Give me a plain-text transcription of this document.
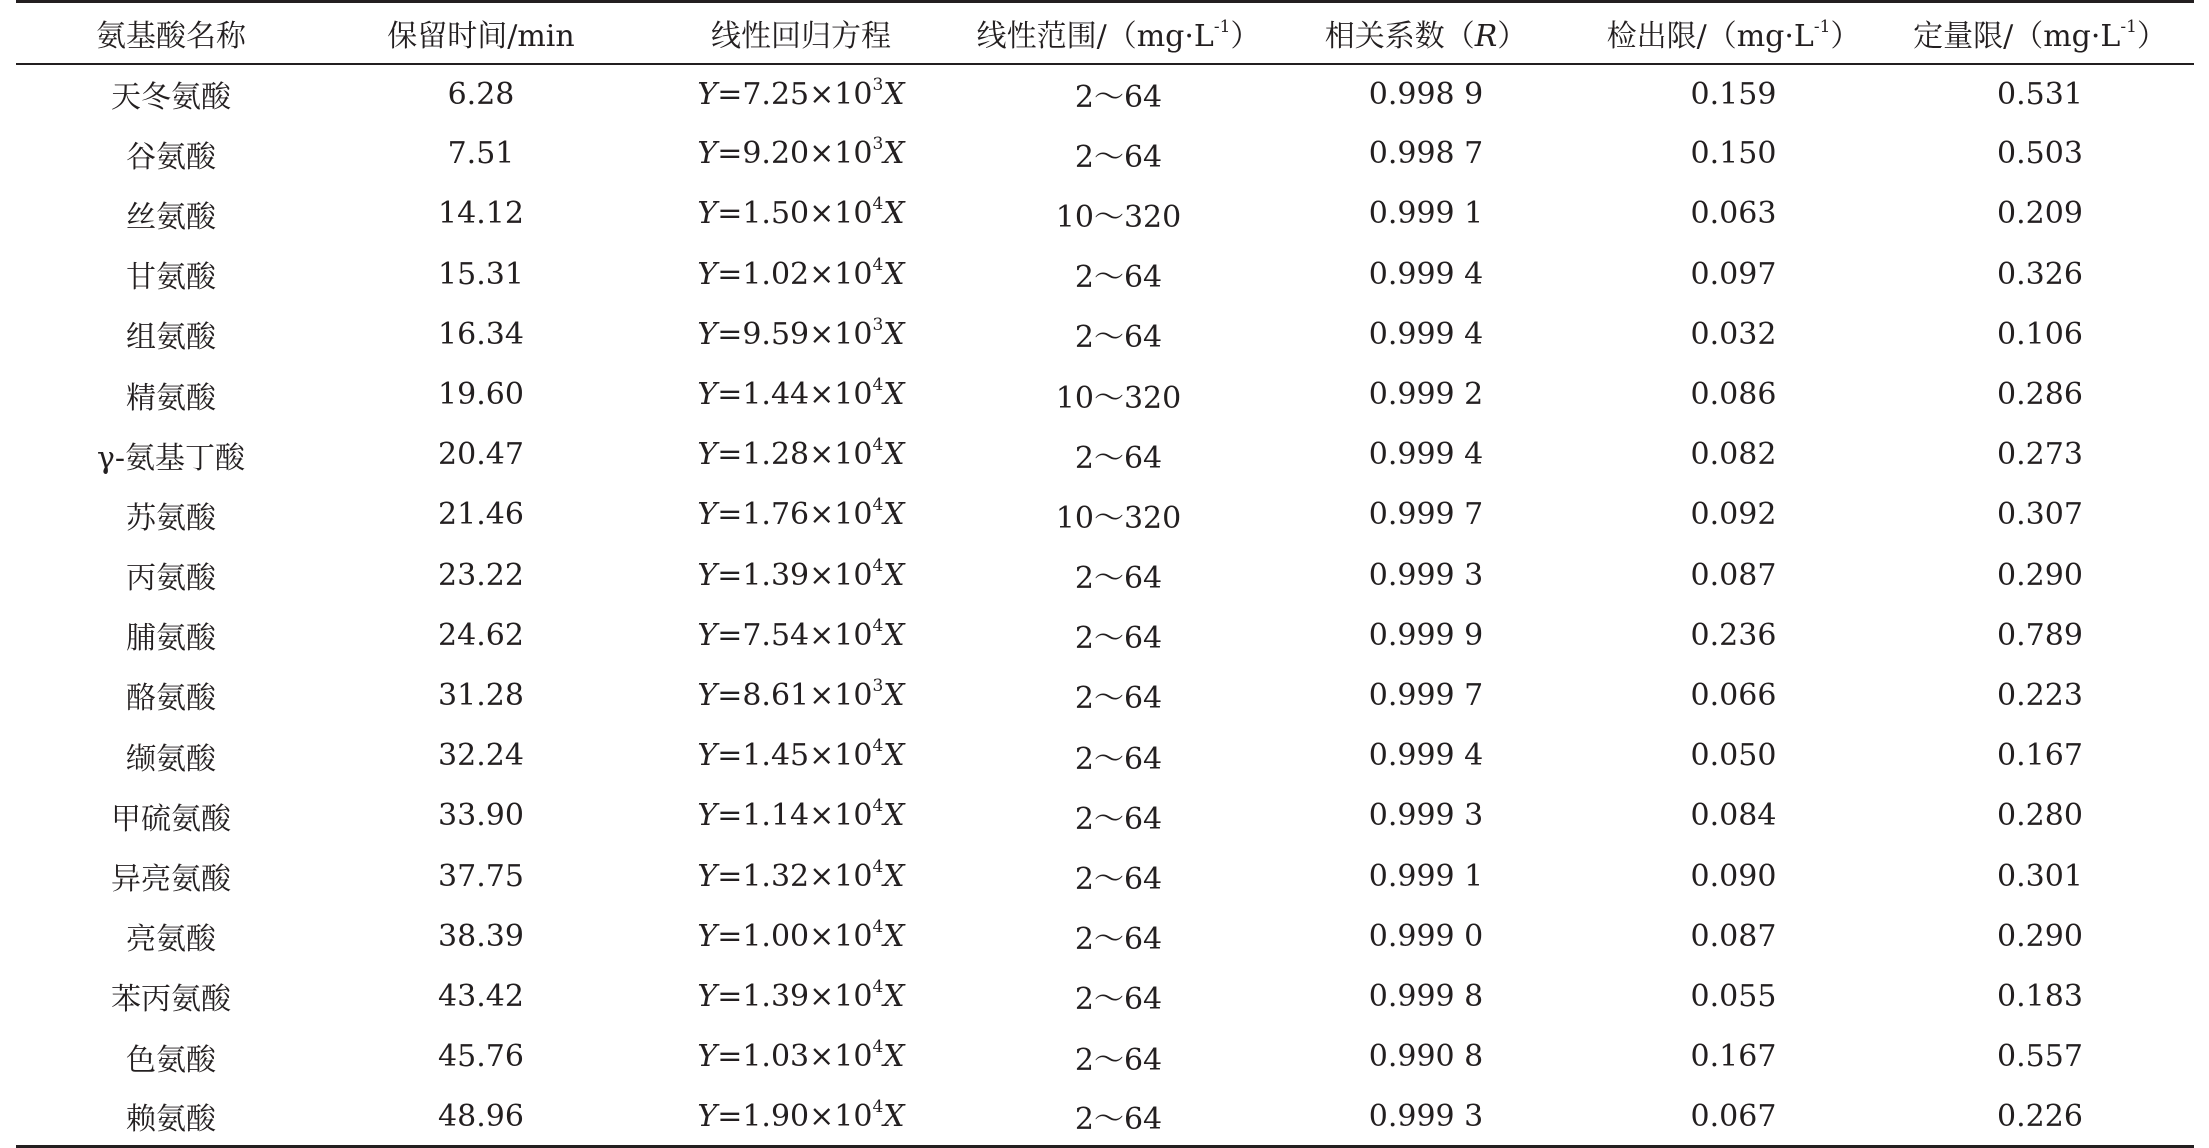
氨基酸名称	保留时间/min	线性回归方程	线性范围$/(mg\cdot L^{-1})$	相关系数（R）	检出限$/(mg\cdot L^{-1})$	定量限$/(mg\cdot L^{-1})$
天冬氨酸	6.28	$Y=7.25\times 10^3X$	2～64	0.998 9	0.159	0.531
谷氨酸	7.51	$Y=9.20\times 10^3X$	2～64	0.998 7	0.150	0.503
丝氨酸	14.12	$Y=1.50\times 10^4X$	10～320	0.999 1	0.063	0.209
甘氨酸	15.31	$Y=1.02\times 10^4X$	2～64	0.999 4	0.097	0.326
组氨酸	16.34	$Y=9.59\times 10^3X$	2～64	0.999 4	0.032	0.106
精氨酸	19.60	$Y=1.44\times 10^4X$	10～320	0.999 2	0.086	0.286
γ-氨基丁酸	20.47	$Y=1.28\times 10^4X$	2～64	0.999 4	0.082	0.273
苏氨酸	21.46	$Y=1.76\times 10^4X$	10～320	0.999 7	0.092	0.307
丙氨酸	23.22	$Y=1.39\times 10^4X$	2～64	0.999 3	0.087	0.290
脯氨酸	24.62	$Y=7.54\times 10^4X$	2～64	0.999 9	0.236	0.789
酪氨酸	31.28	$Y=8.61\times 10^3X$	2～64	0.999 7	0.066	0.223
缬氨酸	32.24	$Y=1.45\times 10^4X$	2～64	0.999 4	0.050	0.167
甲硫氨酸	33.90	$Y=1.14\times 10^4X$	2～64	0.999 3	0.084	0.280
异亮氨酸	37.75	$Y=1.32\times 10^4X$	2～64	0.999 1	0.090	0.301
亮氨酸	38.39	$Y=1.00\times 10^4X$	2～64	0.999 0	0.087	0.290
苯丙氨酸	43.42	$Y=1.39\times 10^4X$	2～64	0.999 8	0.055	0.183
色氨酸	45.76	$Y=1.03\times 10^4X$	2～64	0.990 8	0.167	0.557
赖氨酸	48.96	$Y=1.90\times 10^4X$	2～64	0.999 3	0.067	0.226
